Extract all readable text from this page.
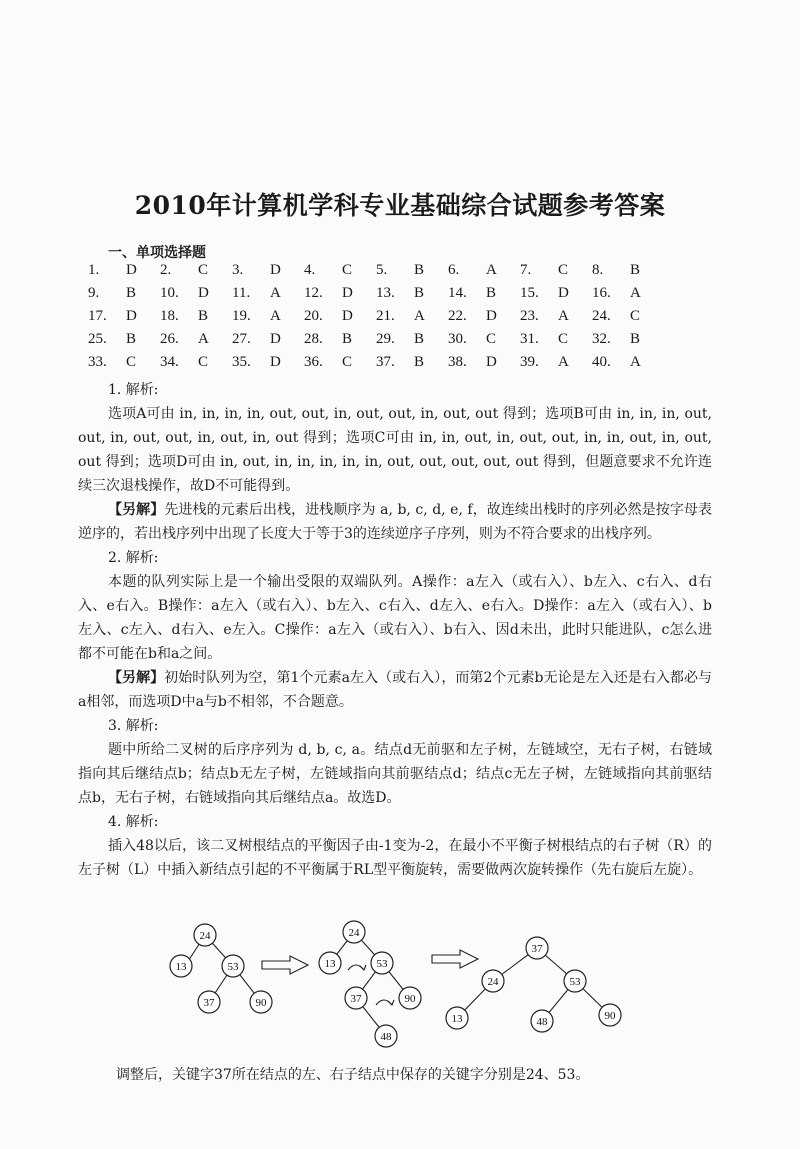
2010年计算机学科专业基础综合试题参考答案
一、单项选择题
1.	D	2.	C	3.	D	4.	C	5.	B	6.	A	7.	C	8.	B
9.	B	10.	D	11.	A	12.	D	13.	B	14.	B	15.	D	16.	A
17.	D	18.	B	19.	A	20.	D	21.	A	22.	D	23.	A	24.	C
25.	B	26.	A	27.	D	28.	B	29.	B	30.	C	31.	C	32.	B
33.	C	34.	C	35.	D	36.	C	37.	B	38.	D	39.	A	40.	A

1. 解析:

选项A可由 in, in, in, in, out, out, in, out, out, in, out, out 得到；选项B可由 in, in, in, out, out, in, out, out, in, out, in, out 得到；选项C可由 in, in, out, in, out, out, in, in, out, in, out, out 得到；选项D可由 in, out, in, in, in, in, in, out, out, out, out, out 得到，但题意要求不允许连续三次退栈操作，故D不可能得到。

【另解】先进栈的元素后出栈，进栈顺序为 a, b, c, d, e, f，故连续出栈时的序列必然是按字母表逆序的，若出栈序列中出现了长度大于等于3的连续逆序子序列，则为不符合要求的出栈序列。

2. 解析:

本题的队列实际上是一个输出受限的双端队列。A操作：a左入（或右入）、b左入、c右入、d右入、e右入。B操作：a左入（或右入）、b左入、c右入、d左入、e右入。D操作：a左入（或右入）、b左入、c左入、d右入、e左入。C操作：a左入（或右入）、b右入、因d未出，此时只能进队，c怎么进都不可能在b和a之间。

【另解】初始时队列为空，第1个元素a左入（或右入），而第2个元素b无论是左入还是右入都必与a相邻，而选项D中a与b不相邻，不合题意。

3. 解析:

题中所给二叉树的后序序列为 d, b, c, a。结点d无前驱和左子树，左链域空，无右子树，右链域指向其后继结点b；结点b无左子树，左链域指向其前驱结点d；结点c无左子树，左链域指向其前驱结点b，无右子树，右链域指向其后继结点a。故选D。

4. 解析:

插入48以后，该二叉树根结点的平衡因子由-1变为-2，在最小不平衡子树根结点的右子树（R）的左子树（L）中插入新结点引起的不平衡属于RL型平衡旋转，需要做两次旋转操作（先右旋后左旋）。

24
13	53
37	90
24
13	53
37	90
48
37
24	53
13	48	90
调整后，关键字37所在结点的左、右子结点中保存的关键字分别是24、53。
